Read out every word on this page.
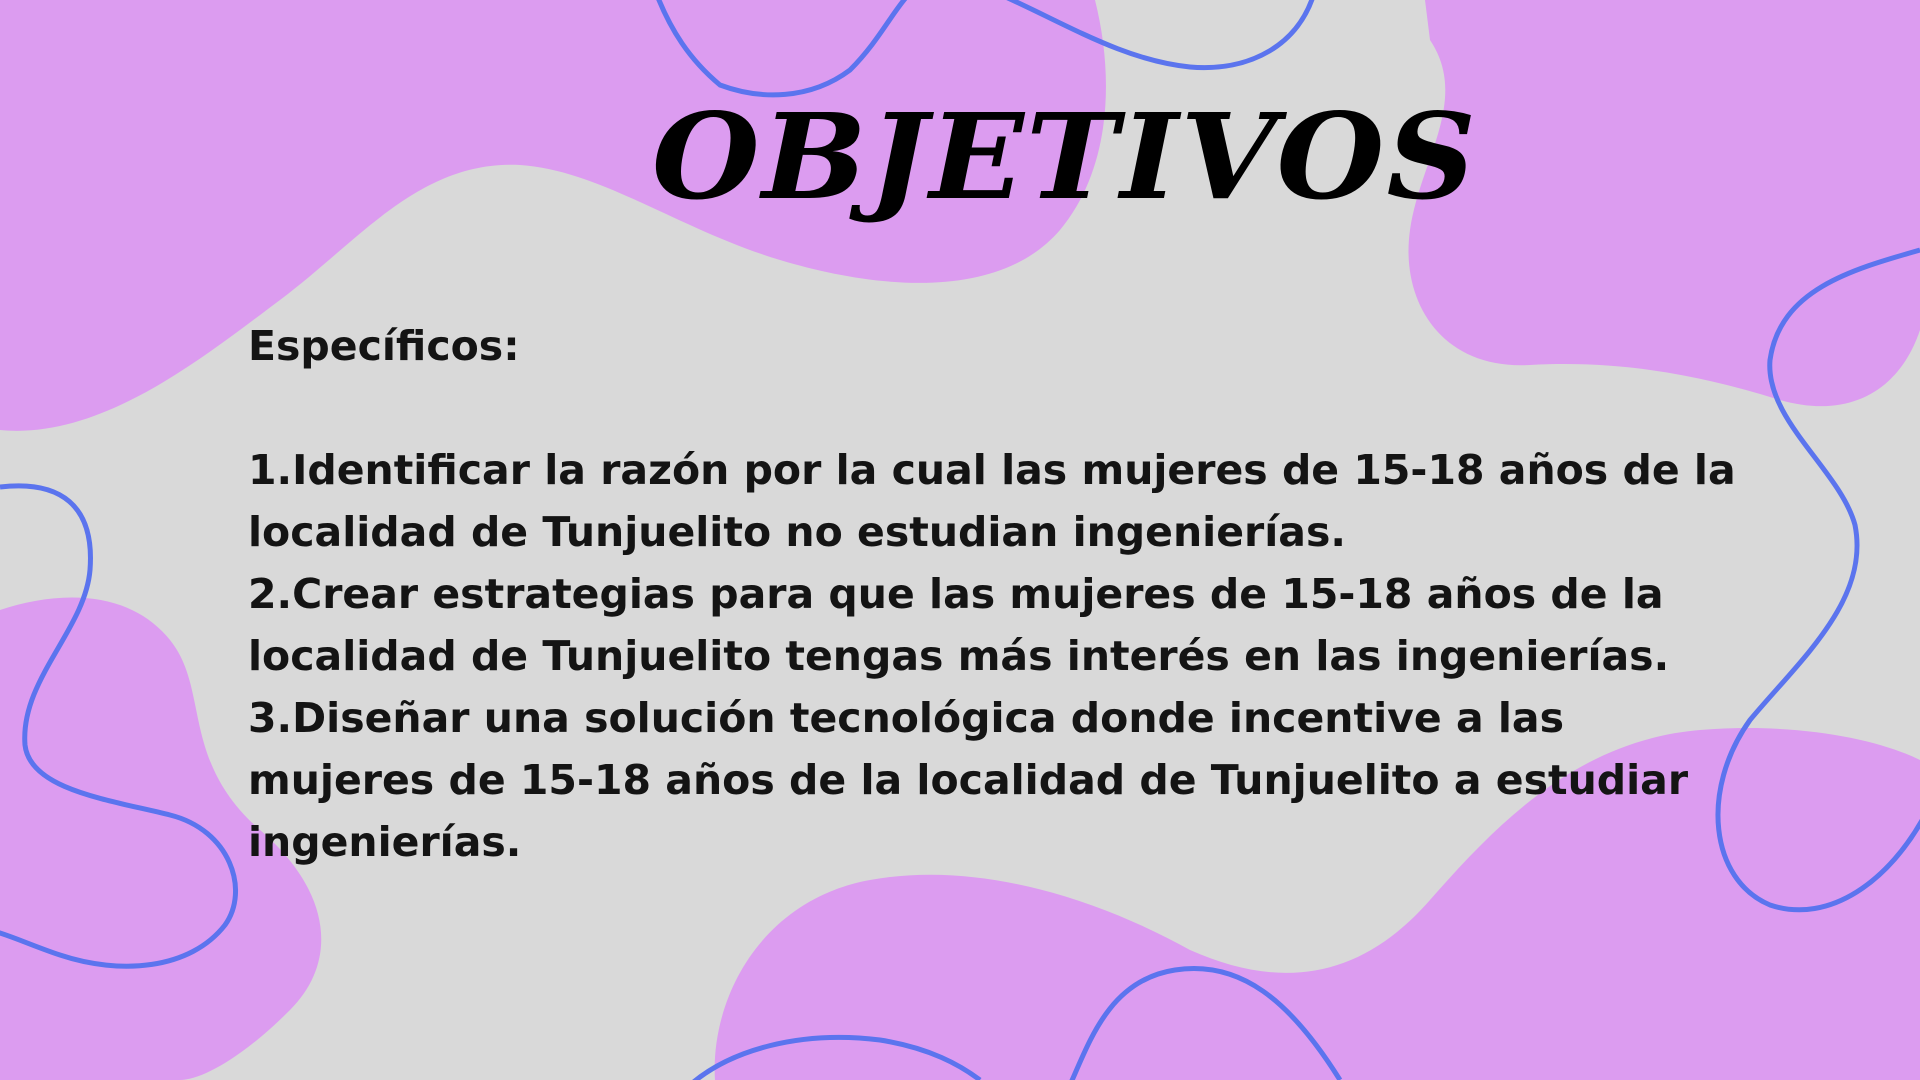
OBJETIVOS

Específicos:

1.Identificar la razón por la cual las mujeres de 15-18 años de la localidad de Tunjuelito no estudian ingenierías.

2.Crear estrategias para que las mujeres de 15-18 años de la localidad de Tunjuelito tengas más interés en las ingenierías.

3.Diseñar una solución tecnológica donde incentive a las mujeres de 15-18 años de la localidad de Tunjuelito a estudiar ingenierías.
